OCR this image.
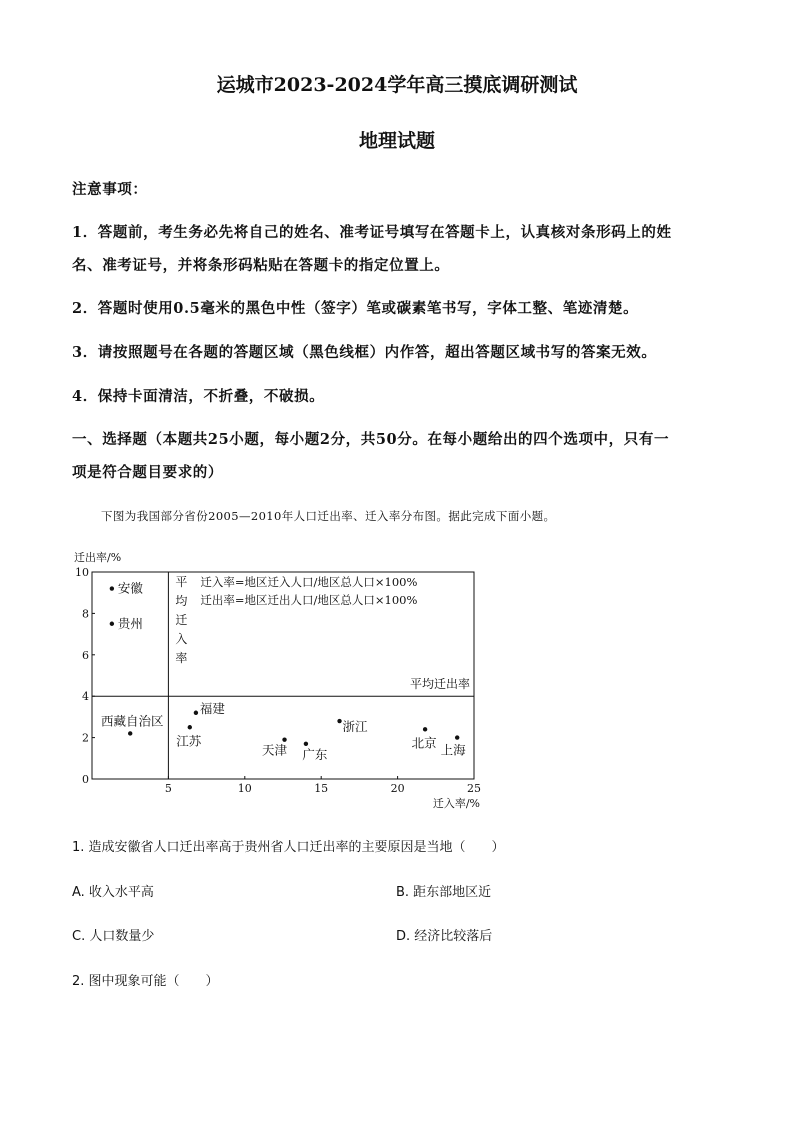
运城市2023-2024学年高三摸底调研测试
地理试题
注意事项：
1．答题前，考生务必先将自己的姓名、准考证号填写在答题卡上，认真核对条形码上的姓
名、准考证号，并将条形码粘贴在答题卡的指定位置上。
2．答题时使用0.5毫米的黑色中性（签字）笔或碳素笔书写，字体工整、笔迹清楚。
3．请按照题号在各题的答题区域（黑色线框）内作答，超出答题区域书写的答案无效。
4．保持卡面清洁，不折叠，不破损。
一、选择题（本题共25小题，每小题2分，共50分。在每小题给出的四个选项中，只有一
项是符合题目要求的）
下图为我国部分省份2005—2010年人口迁出率、迁入率分布图。据此完成下面小题。
0
2
4
6
8
10
5	10	15	20	25
迁出率/%
迁入率/%
平
均
迁
入
率
平均迁出率
迁入率=地区迁入人口/地区总人口×100%
迁出率=地区迁出人口/地区总人口×100%
安徽
贵州
西藏自治区
福建
江苏
天津 广东
浙江
北京 上海
1. 造成安徽省人口迁出率高于贵州省人口迁出率的主要原因是当地（　　）
A. 收入水平高	B. 距东部地区近
C. 人口数量少	D. 经济比较落后
2. 图中现象可能（　　）
